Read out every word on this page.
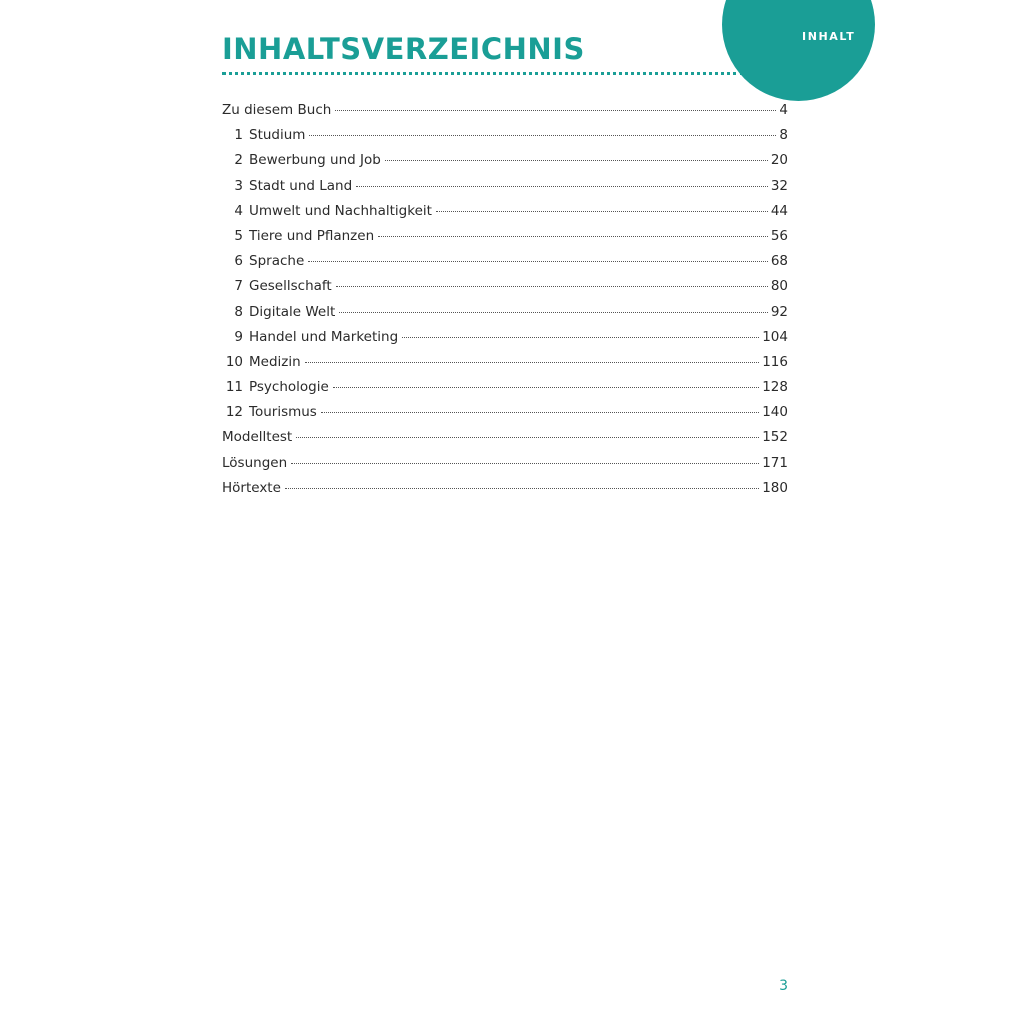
INHALT
INHALTSVERZEICHNIS
Zu diesem Buch	4
1 Studium	8
2 Bewerbung und Job	20
3 Stadt und Land	32
4 Umwelt und Nachhaltigkeit	44
5 Tiere und Pflanzen	56
6 Sprache	68
7 Gesellschaft	80
8 Digitale Welt	92
9 Handel und Marketing	104
10 Medizin	116
11 Psychologie	128
12 Tourismus	140
Modelltest	152
Lösungen	171
Hörtexte	180
3
